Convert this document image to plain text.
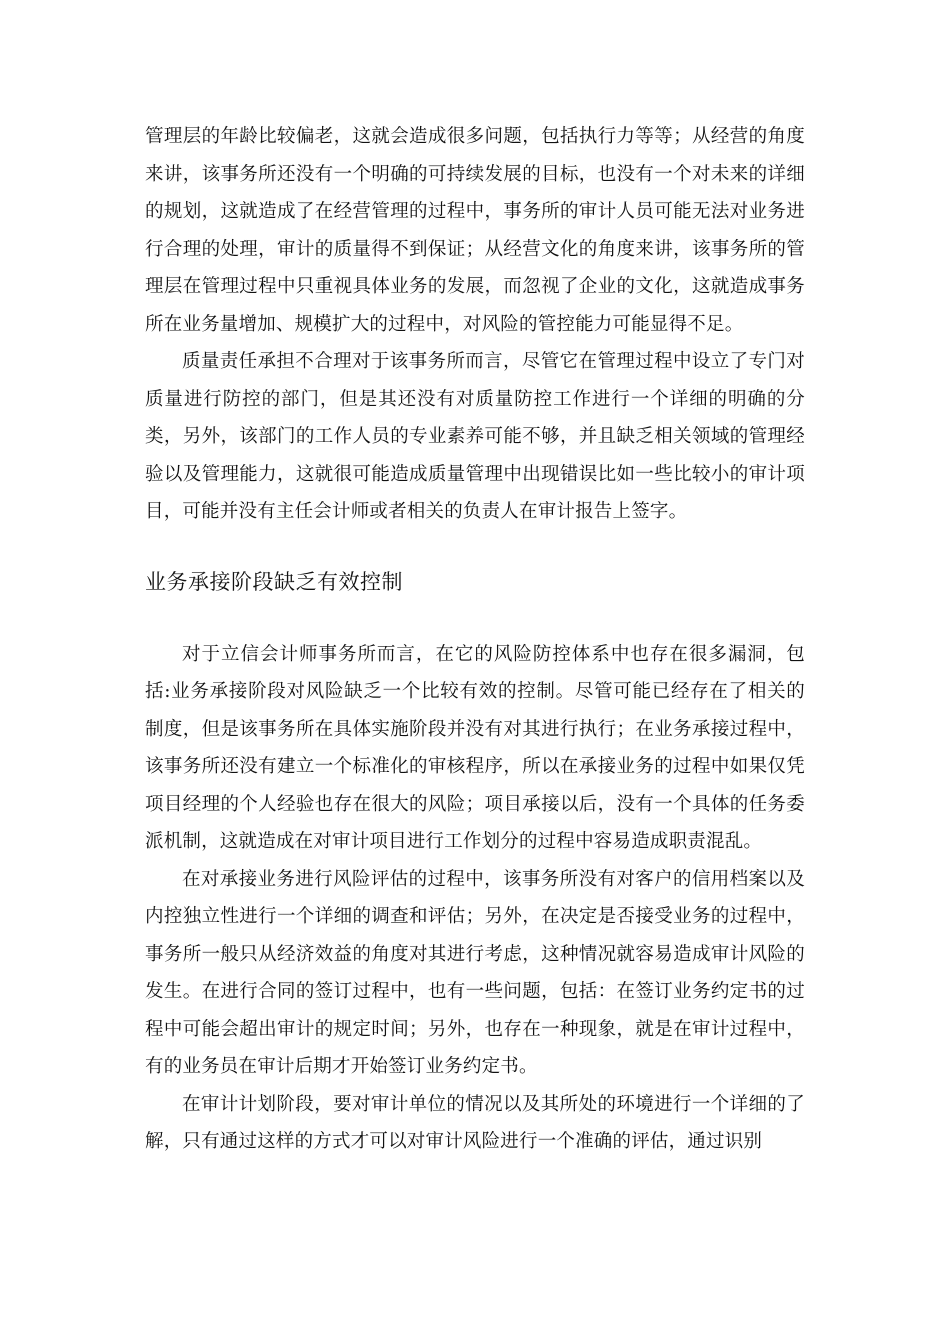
管理层的年龄比较偏老，这就会造成很多问题，包括执行力等等；从经营的角度来讲，该事务所还没有一个明确的可持续发展的目标，也没有一个对未来的详细的规划，这就造成了在经营管理的过程中，事务所的审计人员可能无法对业务进行合理的处理，审计的质量得不到保证；从经营文化的角度来讲，该事务所的管理层在管理过程中只重视具体业务的发展，而忽视了企业的文化，这就造成事务所在业务量增加、规模扩大的过程中，对风险的管控能力可能显得不足。

质量责任承担不合理对于该事务所而言，尽管它在管理过程中设立了专门对质量进行防控的部门，但是其还没有对质量防控工作进行一个详细的明确的分类，另外，该部门的工作人员的专业素养可能不够，并且缺乏相关领域的管理经验以及管理能力，这就很可能造成质量管理中出现错误比如一些比较小的审计项目，可能并没有主任会计师或者相关的负责人在审计报告上签字。

业务承接阶段缺乏有效控制

对于立信会计师事务所而言，在它的风险防控体系中也存在很多漏洞，包括:业务承接阶段对风险缺乏一个比较有效的控制。尽管可能已经存在了相关的制度，但是该事务所在具体实施阶段并没有对其进行执行；在业务承接过程中，该事务所还没有建立一个标准化的审核程序，所以在承接业务的过程中如果仅凭项目经理的个人经验也存在很大的风险；项目承接以后，没有一个具体的任务委派机制，这就造成在对审计项目进行工作划分的过程中容易造成职责混乱。

在对承接业务进行风险评估的过程中，该事务所没有对客户的信用档案以及内控独立性进行一个详细的调查和评估；另外，在决定是否接受业务的过程中，事务所一般只从经济效益的角度对其进行考虑，这种情况就容易造成审计风险的发生。在进行合同的签订过程中，也有一些问题，包括：在签订业务约定书的过程中可能会超出审计的规定时间；另外，也存在一种现象，就是在审计过程中，有的业务员在审计后期才开始签订业务约定书。

在审计计划阶段，要对审计单位的情况以及其所处的环境进行一个详细的了解，只有通过这样的方式才可以对审计风险进行一个准确的评估，通过识别
